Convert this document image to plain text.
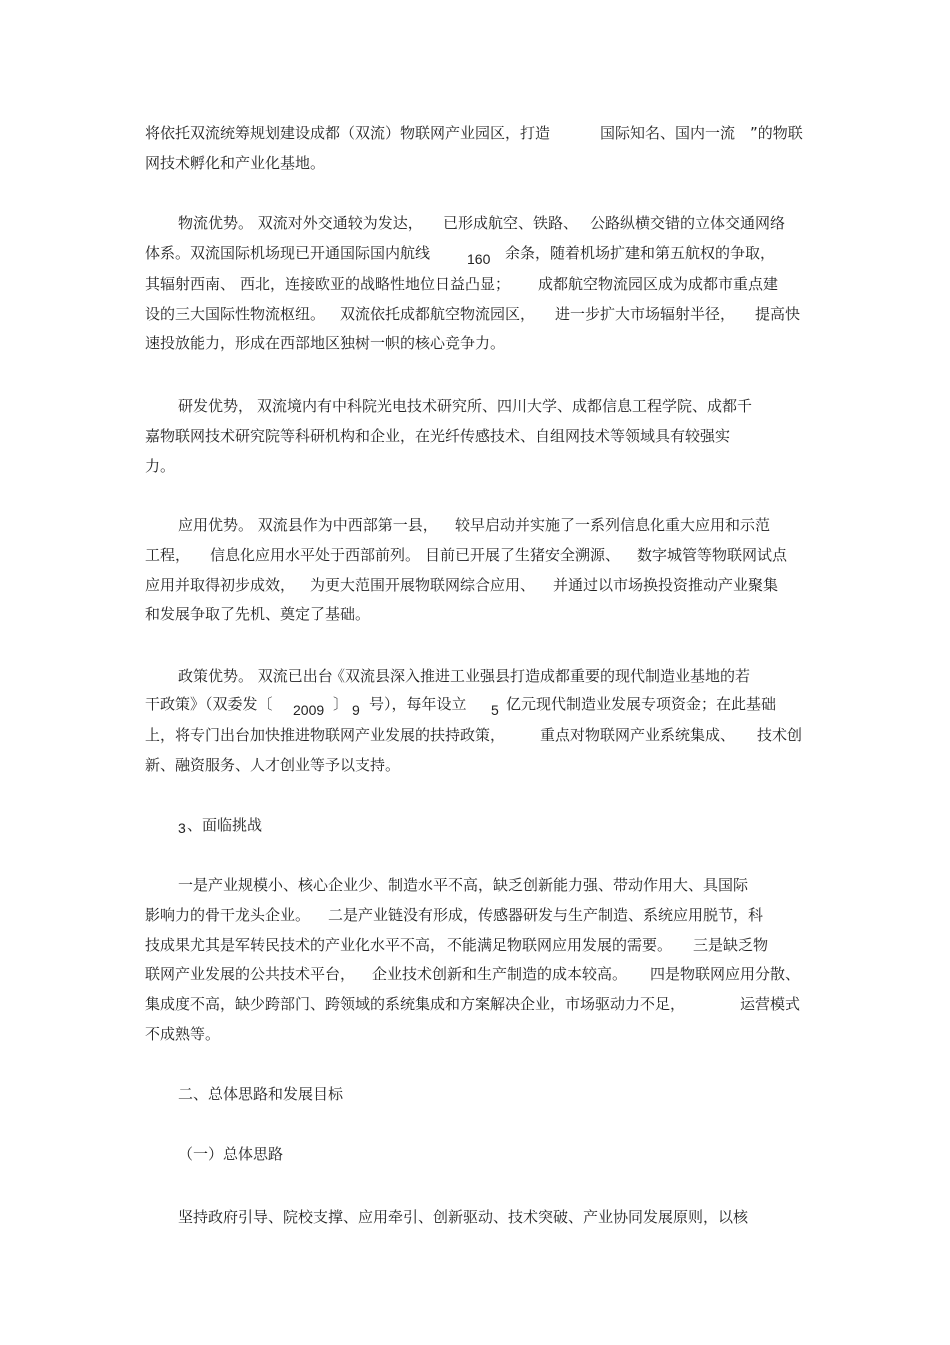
将依托双流统筹规划建设成都（双流）物联网产业园区，打造	国际知名、国内一流 ”的物联
网技术孵化和产业化基地。
物流优势。 双流对外交通较为发达， 已形成航空、铁路、 公路纵横交错的立体交通网络
体系。双流国际机场现已开通国际国内航线	160 余条，随着机场扩建和第五航权的争取，
其辐射西南、 西北，连接欧亚的战略性地位日益凸显； 成都航空物流园区成为成都市重点建
设的三大国际性物流枢纽。 双流依托成都航空物流园区， 进一步扩大市场辐射半径， 提高快
速投放能力，形成在西部地区独树一帜的核心竞争力。
研发优势， 双流境内有中科院光电技术研究所、四川大学、成都信息工程学院、成都千
嘉物联网技术研究院等科研机构和企业，在光纤传感技术、自组网技术等领域具有较强实
力。
应用优势。 双流县作为中西部第一县， 较早启动并实施了一系列信息化重大应用和示范
工程， 信息化应用水平处于西部前列。 目前已开展了生猪安全溯源、 数字城管等物联网试点
应用并取得初步成效， 为更大范围开展物联网综合应用、 并通过以市场换投资推动产业聚集
和发展争取了先机、奠定了基础。
政策优势。 双流已出台
《双流县深入推进工业强县打造成都重要的现代制造业基地的若
干政策》（双委发〔 2009 〕 9 号），每年设立 5 亿元现代制造业发展专项资金；在此基础
上，将专门出台加快推进物联网产业发展的扶持政策， 重点对物联网产业系统集成、 技术创
新、融资服务、人才创业等予以支持。
3 、面临挑战
一是产业规模小、核心企业少、制造水平不高，缺乏创新能力强、带动作用大、具国际
影响力的骨干龙头企业。 二是产业链没有形成，传感器研发与生产制造、系统应用脱节，科
技成果尤其是军转民技术的产业化水平不高， 不能满足物联网应用发展的需要。 三是缺乏物
联网产业发展的公共技术平台， 企业技术创新和生产制造的成本较高。 四是物联网应用分散、
集成度不高，缺少跨部门、跨领域的系统集成和方案解决企业，市场驱动力不足，	运营模式
不成熟等。
二、总体思路和发展目标
（一）总体思路
坚持政府引导、院校支撑、应用牵引、创新驱动、技术突破、产业协同发展原则，以核
